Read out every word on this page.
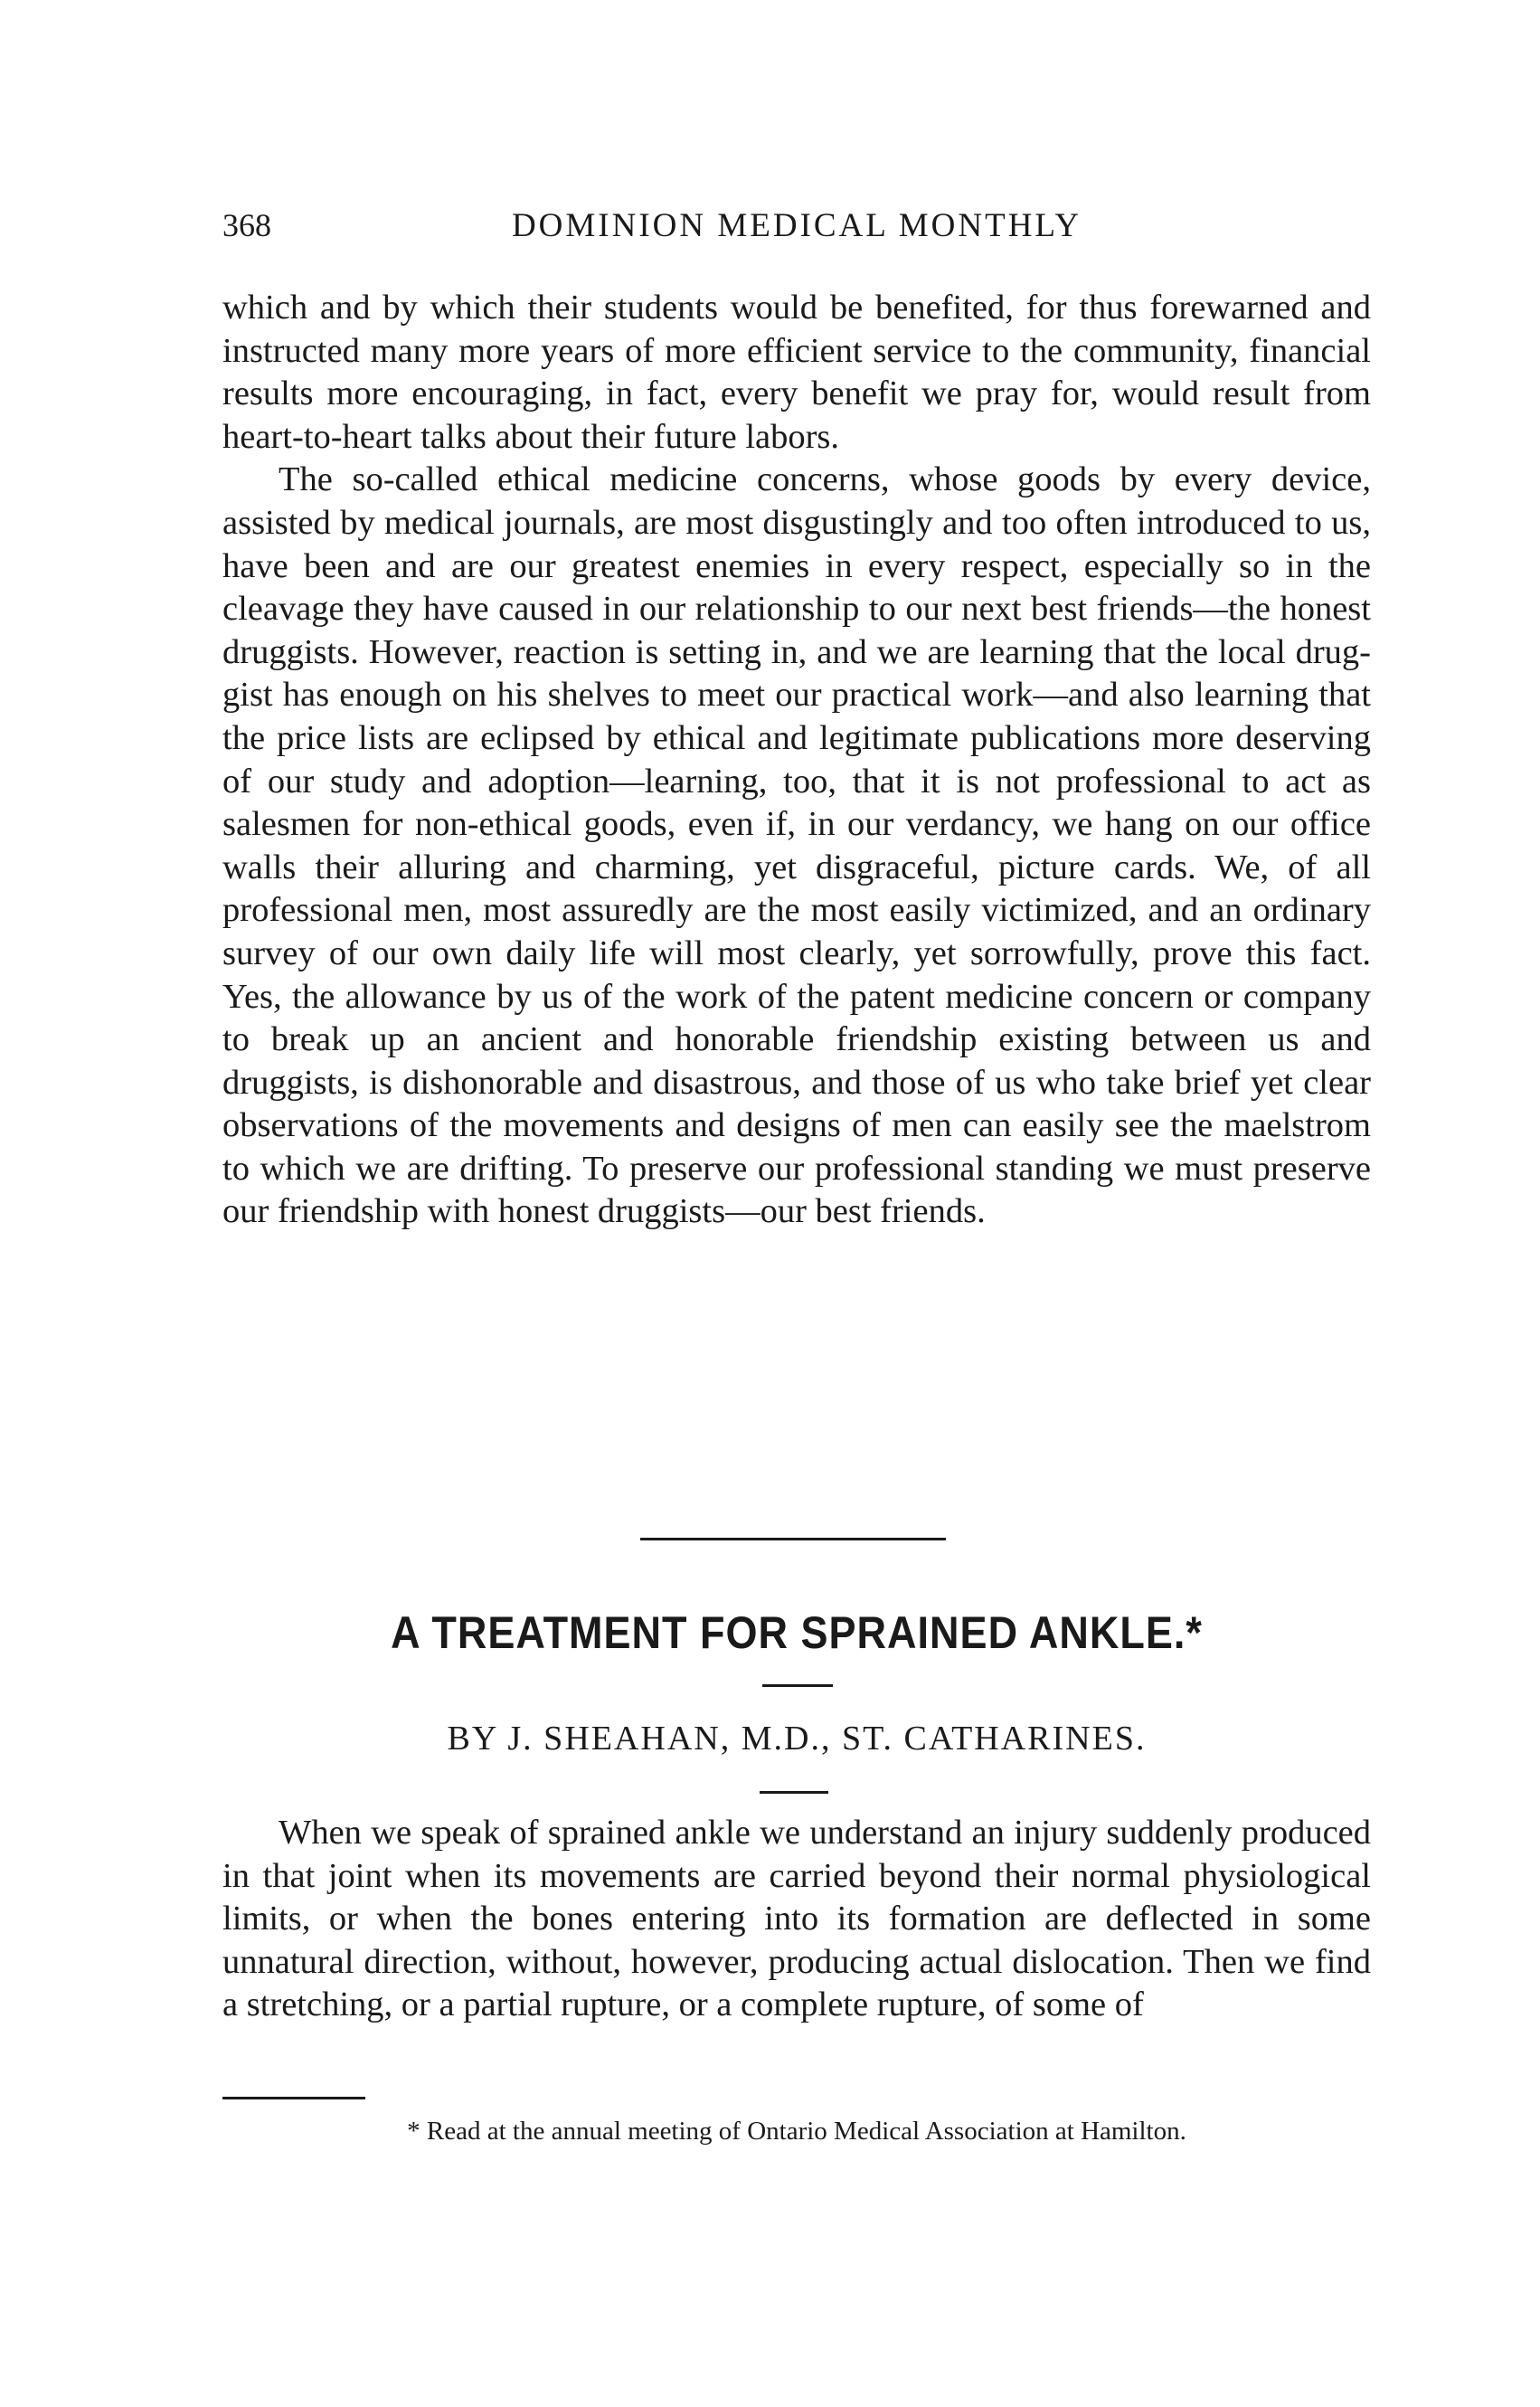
368	DOMINION MEDICAL MONTHLY

which and by which their students would be benefited, for thus forewarned and instructed many more years of more efficient service to the community, financial results more encouraging, in fact, every benefit we pray for, would result from heart-to-heart talks about their future labors.

The so-called ethical medicine concerns, whose goods by every device, assisted by medical journals, are most disgustingly and too often introduced to us, have been and are our greatest enemies in every respect, especially so in the cleavage they have caused in our relationship to our next best friends—the honest druggists. However, reaction is setting in, and we are learning that the local druggist has enough on his shelves to meet our practical work—and also learning that the price lists are eclipsed by ethical and legitimate publications more deserving of our study and adoption—learning, too, that it is not professional to act as salesmen for non-ethical goods, even if, in our verdancy, we hang on our office walls their alluring and charming, yet disgraceful, picture cards. We, of all professional men, most assuredly are the most easily victimized, and an ordinary survey of our own daily life will most clearly, yet sorrowfully, prove this fact. Yes, the allowance by us of the work of the patent medicine concern or company to break up an ancient and honorable friendship existing between us and druggists, is dishonorable and disastrous, and those of us who take brief yet clear observations of the movements and designs of men can easily see the maelstrom to which we are drifting. To preserve our professional standing we must preserve our friendship with honest druggists—our best friends.

A TREATMENT FOR SPRAINED ANKLE.*
BY J. SHEAHAN, M.D., ST. CATHARINES.

When we speak of sprained ankle we understand an injury suddenly produced in that joint when its movements are carried beyond their normal physiological limits, or when the bones entering into its formation are deflected in some unnatural direction, without, however, producing actual dislocation. Then we find a stretching, or a partial rupture, or a complete rupture, of some of

* Read at the annual meeting of Ontario Medical Association at Hamilton.
